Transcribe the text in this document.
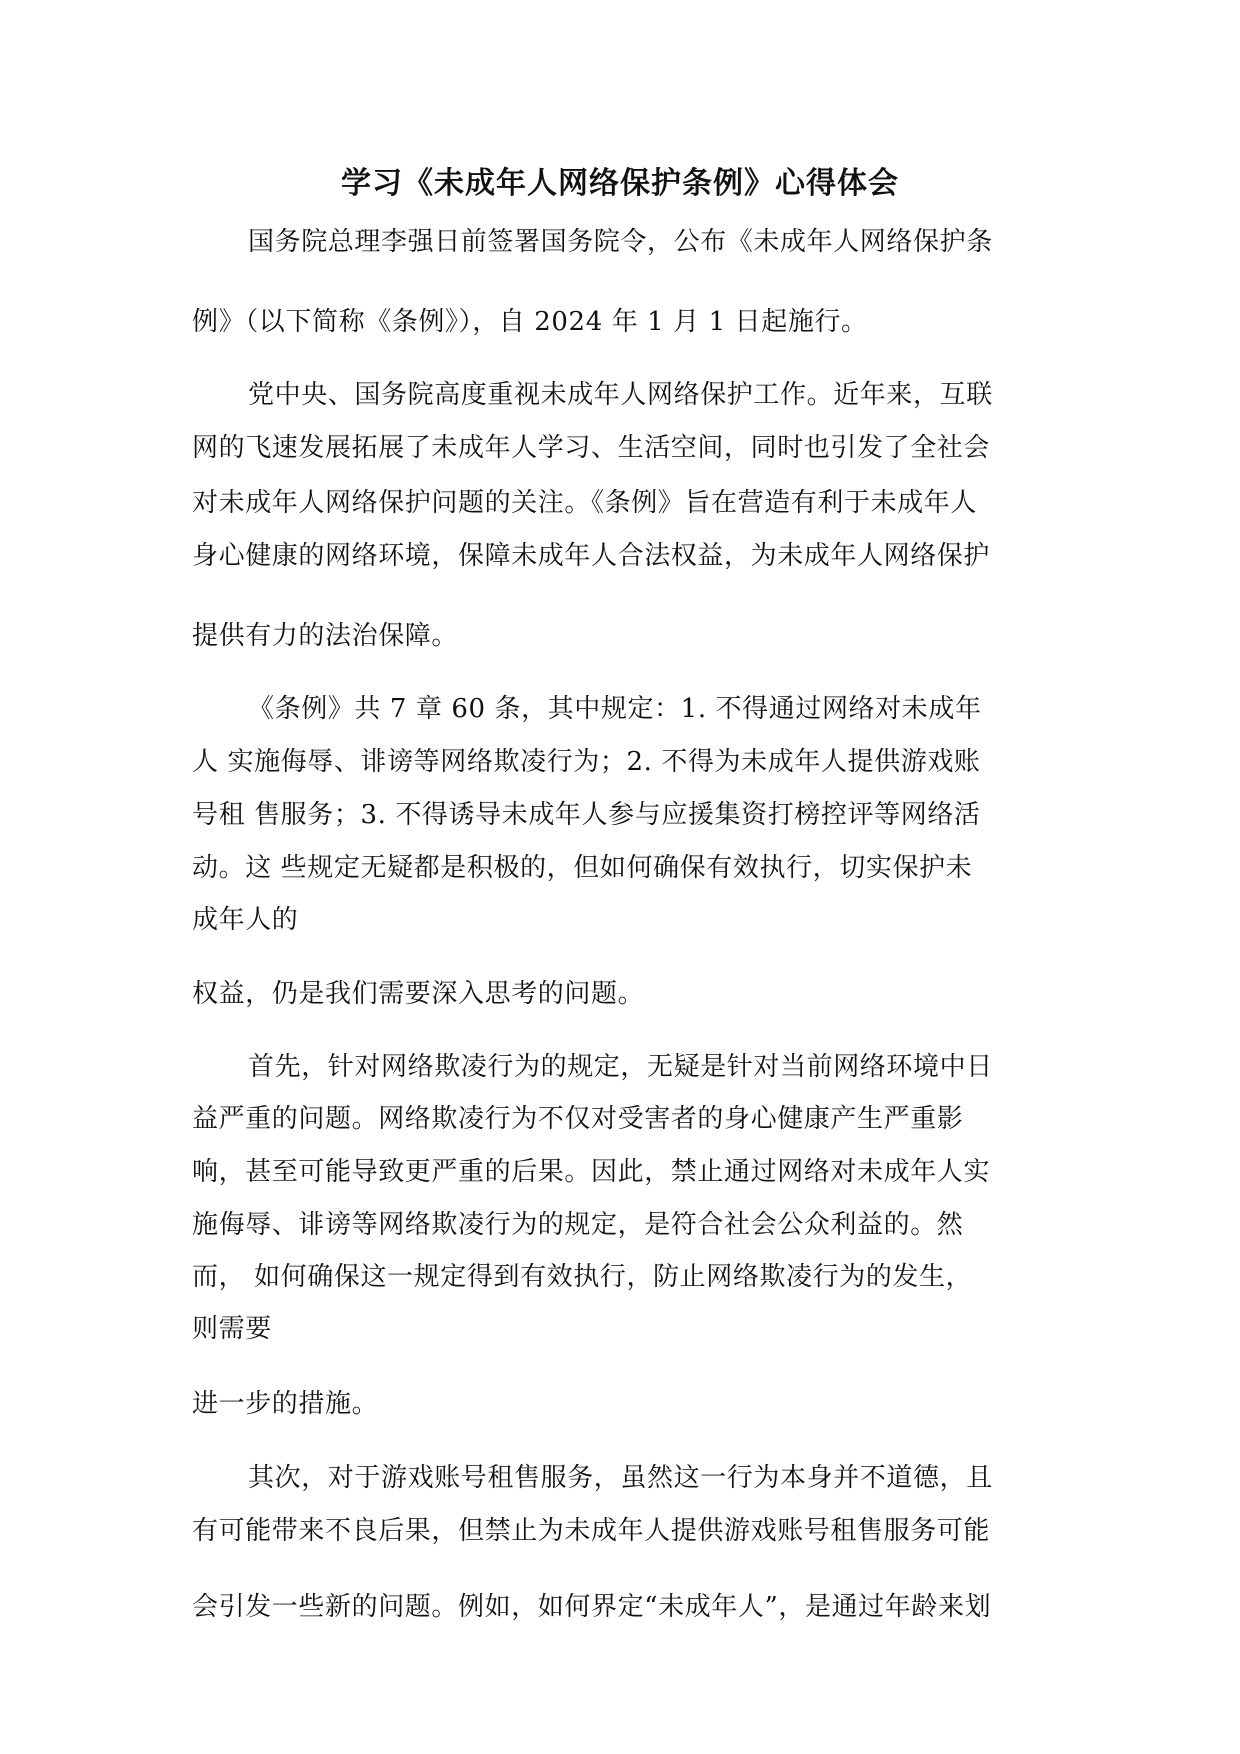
学习《未成年人网络保护条例》心得体会
国务院总理李强日前签署国务院令，公布《未成年人网络保护条
例》（以下简称《条例》），自 2024 年 1 月 1 日起施行。
党中央、国务院高度重视未成年人网络保护工作。近年来，互联
网的飞速发展拓展了未成年人学习、生活空间，同时也引发了全社会
对未成年人网络保护问题的关注。《条例》旨在营造有利于未成年人
身心健康的网络环境，保障未成年人合法权益，为未成年人网络保护
提供有力的法治保障。
《条例》共 7 章 60 条，其中规定：1. 不得通过网络对未成年
人 实施侮辱、诽谤等网络欺凌行为；2. 不得为未成年人提供游戏账
号租 售服务；3. 不得诱导未成年人参与应援集资打榜控评等网络活
动。这 些规定无疑都是积极的，但如何确保有效执行，切实保护未
成年人的
权益，仍是我们需要深入思考的问题。
首先，针对网络欺凌行为的规定，无疑是针对当前网络环境中日
益严重的问题。网络欺凌行为不仅对受害者的身心健康产生严重影
响，甚至可能导致更严重的后果。因此，禁止通过网络对未成年人实
施侮辱、诽谤等网络欺凌行为的规定，是符合社会公众利益的。然
而， 如何确保这一规定得到有效执行，防止网络欺凌行为的发生，
则需要
进一步的措施。
其次，对于游戏账号租售服务，虽然这一行为本身并不道德，且
有可能带来不良后果，但禁止为未成年人提供游戏账号租售服务可能
会引发一些新的问题。例如，如何界定“未成年人”，是通过年龄来划
